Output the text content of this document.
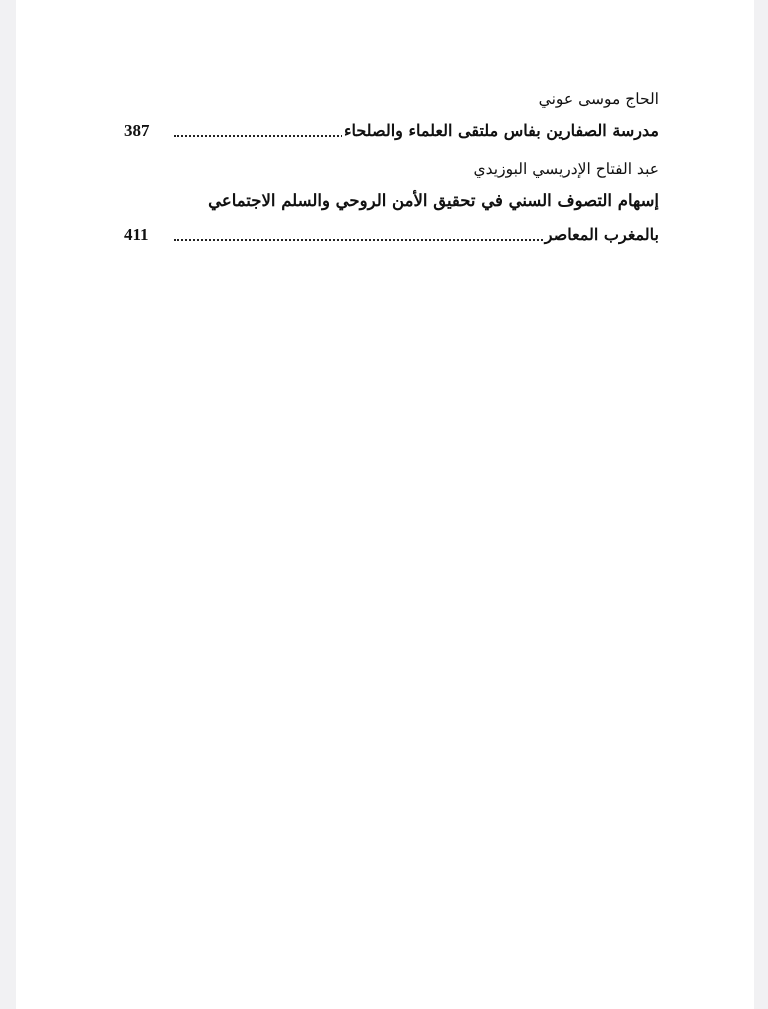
الحاج موسى عوني
مدرسة الصفارين بفاس ملتقى العلماء والصلحاء
387
عبد الفتاح الإدريسي البوزيدي
إسهام التصوف السني في تحقيق الأمن الروحي والسلم الاجتماعي
بالمغرب المعاصر
411
